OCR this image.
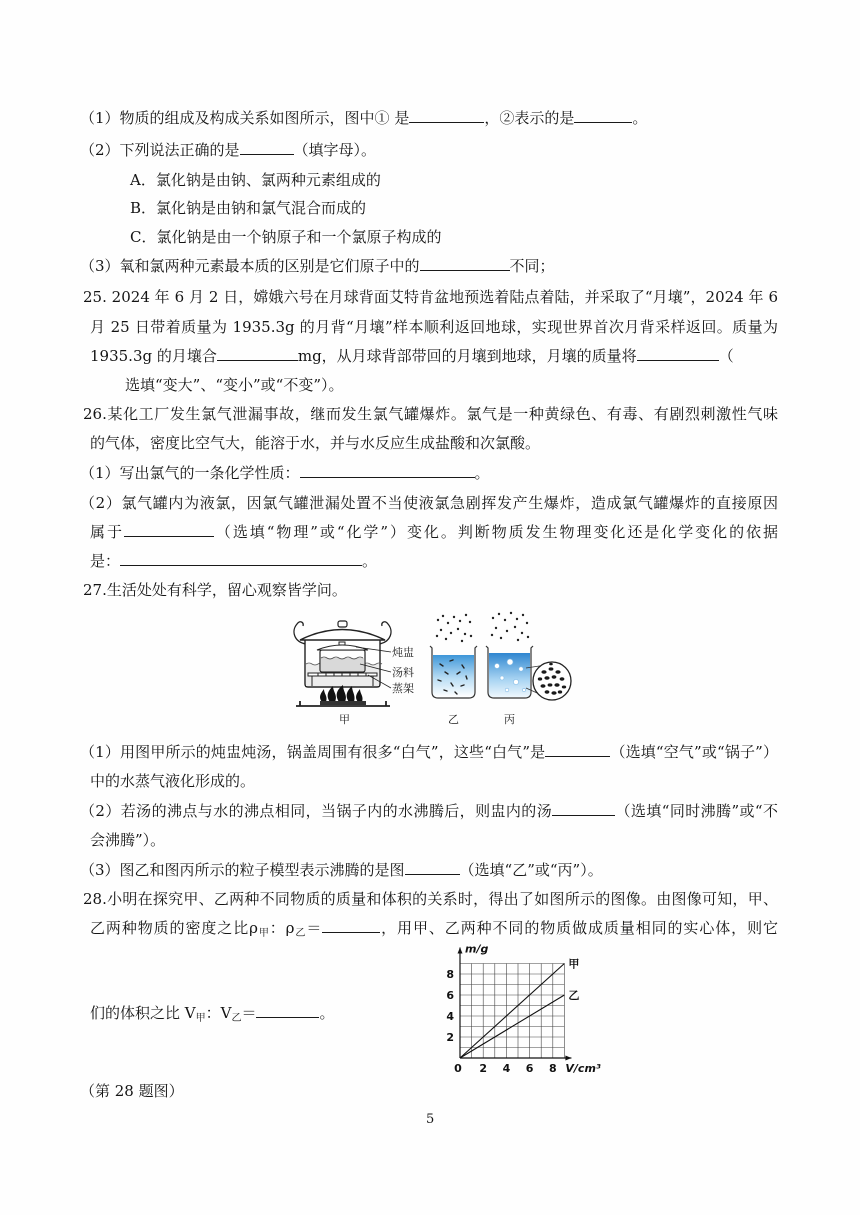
（1）物质的组成及构成关系如图所示，图中① 是	，②表示的是	。
（2）下列说法正确的是	（填字母）。
A．氯化钠是由钠、氯两种元素组成的
B．氯化钠是由钠和氯气混合而成的
C．氯化钠是由一个钠原子和一个氯原子构成的
（3）氧和氯两种元素最本质的区别是它们原子中的	不同；
25. 2024 年 6 月 2 日，嫦娥六号在月球背面艾特肯盆地预选着陆点着陆，并采取了“月壤”，2024 年 6
月 25 日带着质量为 1935.3g 的月背“月壤”样本顺利返回地球，实现世界首次月背采样返回。质量为
1935.3g 的月壤合	mg，从月球背部带回的月壤到地球，月壤的质量将	（
选填“变大”、“变小”或“不变”）。
26.某化工厂发生氯气泄漏事故，继而发生氯气罐爆炸。氯气是一种黄绿色、有毒、有剧烈刺激性气味
的气体，密度比空气大，能溶于水，并与水反应生成盐酸和次氯酸。
（1）写出氯气的一条化学性质：	。
（2）氯气罐内为液氯，因氯气罐泄漏处置不当使液氯急剧挥发产生爆炸，造成氯气罐爆炸的直接原因
属于	（选填“物理”或“化学”）变化。判断物质发生物理变化还是化学变化的依据
是：	。
27.生活处处有科学，留心观察皆学问。
炖盅
汤料
蒸架
甲	乙	丙
（1）用图甲所示的炖盅炖汤，锅盖周围有很多“白气”，这些“白气”是	（选填“空气”或“锅子”）
中的水蒸气液化形成的。
（2）若汤的沸点与水的沸点相同，当锅子内的水沸腾后，则盅内的汤	（选填“同时沸腾”或“不
会沸腾”）。
（3）图乙和图丙所示的粒子模型表示沸腾的是图	（选填“乙”或“丙”）。
28.小明在探究甲、乙两种不同物质的质量和体积的关系时，得出了如图所示的图像。由图像可知，甲、
乙两种物质的密度之比$\rho_甲$：$\rho_乙=$	，用甲、乙两种不同的物质做成质量相同的实心体，则它
们的体积之比 $V_甲$：$V_乙=$	。
甲
乙
0 2 4 6 8
2
4
6
8
m/g
V/cm³
（第 28 题图）
5
